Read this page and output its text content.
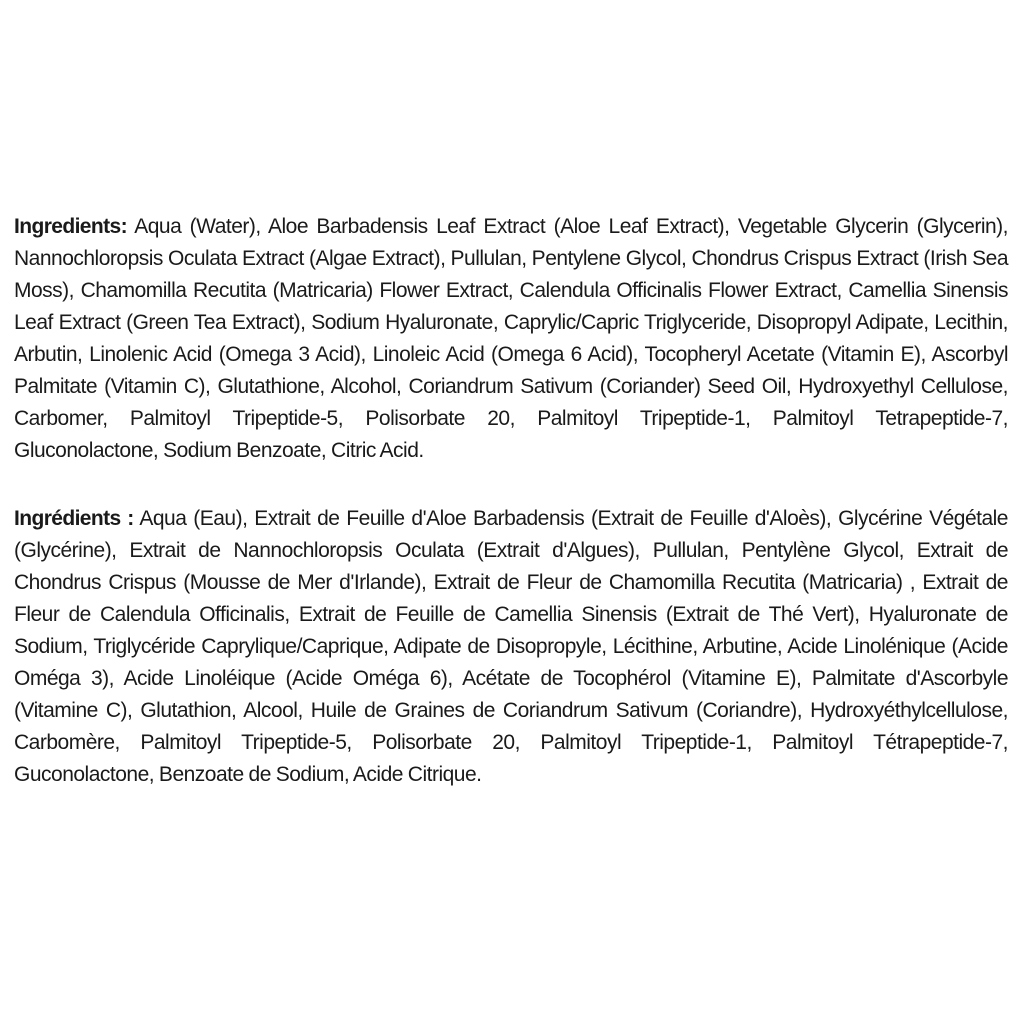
Ingredients: Aqua (Water), Aloe Barbadensis Leaf Extract (Aloe Leaf Extract), Vegetable Glycerin (Glycerin), Nannochloropsis Oculata Extract (Algae Extract), Pullulan, Pentylene Glycol, Chondrus Crispus Extract (Irish Sea Moss), Chamomilla Recutita (Matricaria) Flower Extract, Calendula Officinalis Flower Extract, Camellia Sinensis Leaf Extract (Green Tea Extract), Sodium Hyaluronate, Caprylic/Capric Triglyceride, Disopropyl Adipate, Lecithin, Arbutin, Linolenic Acid (Omega 3 Acid), Linoleic Acid (Omega 6 Acid), Tocopheryl Acetate (Vitamin E), Ascorbyl Palmitate (Vitamin C), Glutathione, Alcohol, Coriandrum Sativum (Coriander) Seed Oil, Hydroxyethyl Cellulose, Carbomer, Palmitoyl Tripeptide-5, Polisorbate 20, Palmitoyl Tripeptide-1, Palmitoyl Tetrapeptide-7, Gluconolactone, Sodium Benzoate, Citric Acid.

Ingrédients : Aqua (Eau), Extrait de Feuille d'Aloe Barbadensis (Extrait de Feuille d'Aloès), Glycérine Végétale (Glycérine), Extrait de Nannochloropsis Oculata (Extrait d'Algues), Pullulan, Pentylène Glycol, Extrait de Chondrus Crispus (Mousse de Mer d'Irlande), Extrait de Fleur de Chamomilla Recutita (Matricaria) , Extrait de Fleur de Calendula Officinalis, Extrait de Feuille de Camellia Sinensis (Extrait de Thé Vert), Hyaluronate de Sodium, Triglycéride Caprylique/Caprique, Adipate de Disopropyle, Lécithine, Arbutine, Acide Linolénique (Acide Oméga 3), Acide Linoléique (Acide Oméga 6), Acétate de Tocophérol (Vitamine E), Palmitate d'Ascorbyle (Vitamine C), Glutathion, Alcool, Huile de Graines de Coriandrum Sativum (Coriandre), Hydroxyéthylcellulose, Carbomère, Palmitoyl Tripeptide-5, Polisorbate 20, Palmitoyl Tripeptide-1, Palmitoyl Tétrapeptide-7, Guconolactone, Benzoate de Sodium, Acide Citrique.
